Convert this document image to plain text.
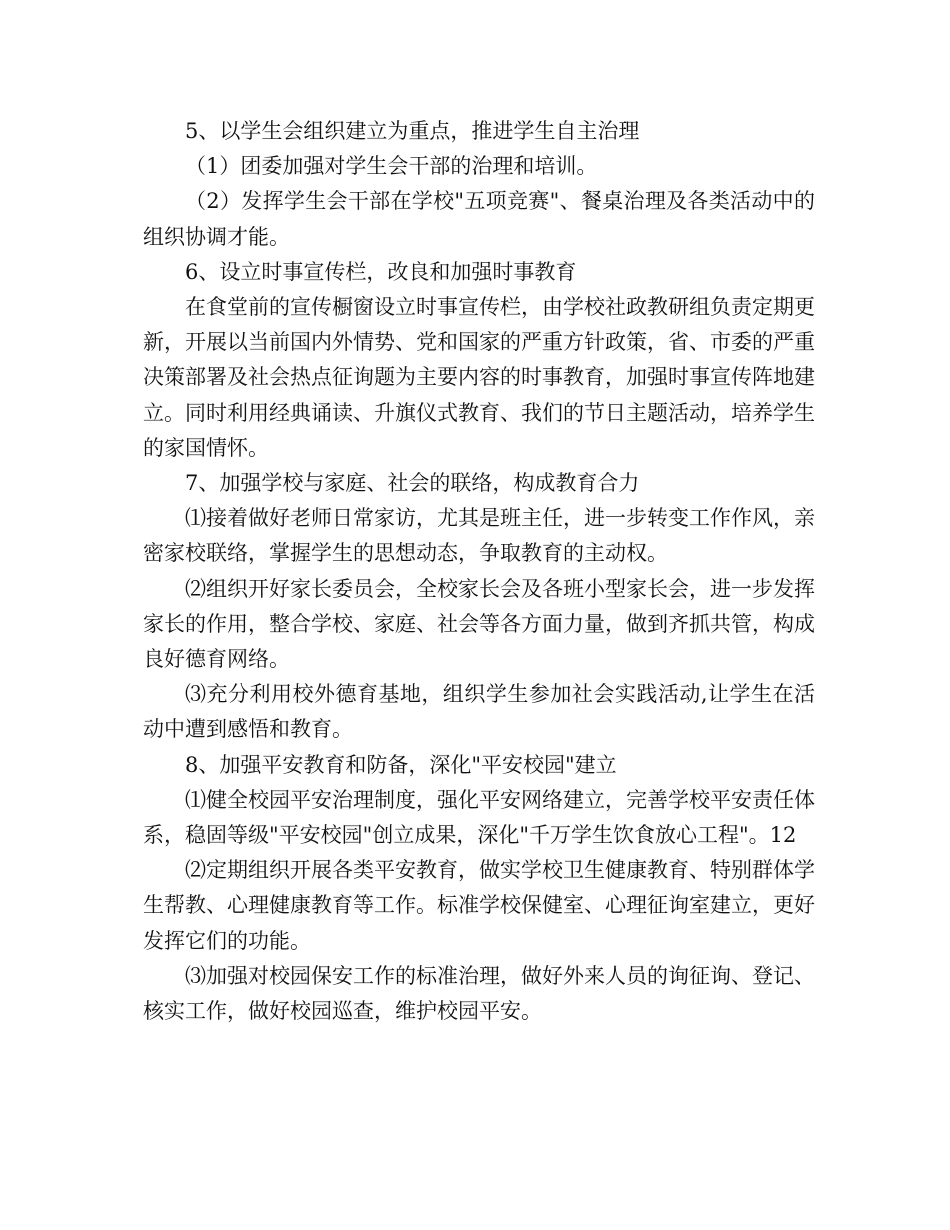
5、以学生会组织建立为重点，推进学生自主治理

（1）团委加强对学生会干部的治理和培训。

（2）发挥学生会干部在学校"五项竞赛"、餐桌治理及各类活动中的组织协调才能。

6、设立时事宣传栏，改良和加强时事教育

在食堂前的宣传橱窗设立时事宣传栏，由学校社政教研组负责定期更新，开展以当前国内外情势、党和国家的严重方针政策，省、市委的严重决策部署及社会热点征询题为主要内容的时事教育，加强时事宣传阵地建立。同时利用经典诵读、升旗仪式教育、我们的节日主题活动，培养学生的家国情怀。

7、加强学校与家庭、社会的联络，构成教育合力

⑴接着做好老师日常家访，尤其是班主任，进一步转变工作作风，亲密家校联络，掌握学生的思想动态，争取教育的主动权。

⑵组织开好家长委员会，全校家长会及各班小型家长会，进一步发挥家长的作用，整合学校、家庭、社会等各方面力量，做到齐抓共管，构成良好德育网络。

⑶充分利用校外德育基地，组织学生参加社会实践活动,让学生在活动中遭到感悟和教育。

8、加强平安教育和防备，深化"平安校园"建立

⑴健全校园平安治理制度，强化平安网络建立，完善学校平安责任体系，稳固等级"平安校园"创立成果，深化"千万学生饮食放心工程"。12

⑵定期组织开展各类平安教育，做实学校卫生健康教育、特别群体学生帮教、心理健康教育等工作。标准学校保健室、心理征询室建立，更好发挥它们的功能。

⑶加强对校园保安工作的标准治理，做好外来人员的询征询、登记、核实工作，做好校园巡查，维护校园平安。
